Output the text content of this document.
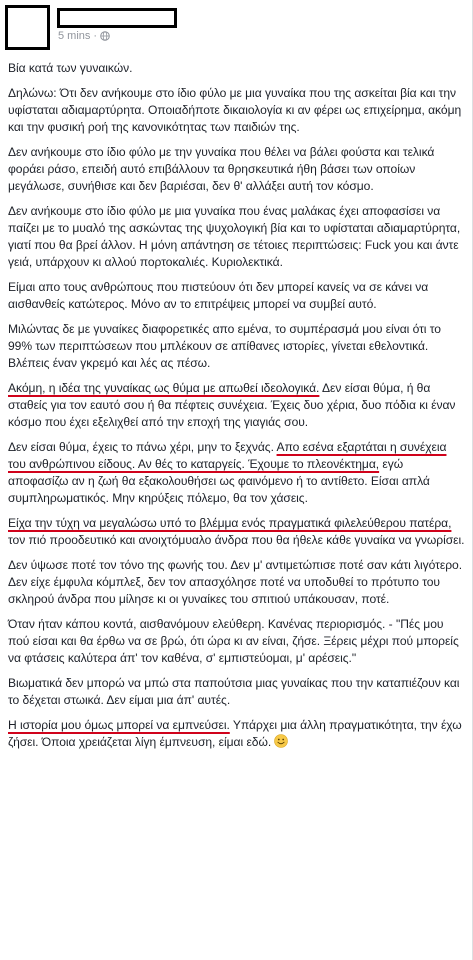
5 mins ·

Βία κατά των γυναικών.

Δηλώνω: Ότι δεν ανήκουμε στο ίδιο φύλο με μια γυναίκα που της ασκείται βία και την υφίσταται αδιαμαρτύρητα. Οποιαδήποτε δικαιολογία κι αν φέρει ως επιχείρημα, ακόμη και την φυσική ροή της κανονικότητας των παιδιών της.

Δεν ανήκουμε στο ίδιο φύλο με την γυναίκα που θέλει να βάλει φούστα και τελικά φοράει ράσο, επειδή αυτό επιβάλλουν τα θρησκευτικά ήθη βάσει των οποίων μεγάλωσε, συνήθισε και δεν βαριέσαι, δεν θ' αλλάξει αυτή τον κόσμο.

Δεν ανήκουμε στο ίδιο φύλο με μια γυναίκα που ένας μαλάκας έχει αποφασίσει να παίζει με το μυαλό της ασκώντας της ψυχολογική βία και το υφίσταται αδιαμαρτύρητα, γιατί που θα βρεί άλλον. Η μόνη απάντηση σε τέτοιες περιπτώσεις: Fuck you και άντε γειά, υπάρχουν κι αλλού πορτοκαλιές. Κυριολεκτικά.

Είμαι απο τους ανθρώπους που πιστεύουν ότι δεν μπορεί κανείς να σε κάνει να αισθανθείς κατώτερος. Μόνο αν το επιτρέψεις μπορεί να συμβεί αυτό.

Μιλώντας δε με γυναίκες διαφορετικές απο εμένα, το συμπέρασμά μου είναι ότι το 99% των περιπτώσεων που μπλέκουν σε απίθανες ιστορίες, γίνεται εθελοντικά. Βλέπεις έναν γκρεμό και λές ας πέσω.

Ακόμη, η ιδέα της γυναίκας ως θύμα με απωθεί ιδεολογικά. Δεν είσαι θύμα, ή θα σταθείς για τον εαυτό σου ή θα πέφτεις συνέχεια. Έχεις δυο χέρια, δυο πόδια κι έναν κόσμο που έχει εξελιχθεί από την εποχή της γιαγιάς σου.

Δεν είσαι θύμα, έχεις το πάνω χέρι, μην το ξεχνάς. Απο εσένα εξαρτάται η συνέχεια του ανθρώπινου είδους. Αν θές το καταργείς. Έχουμε το πλεονέκτημα, εγώ αποφασίζω αν η ζωή θα εξακολουθήσει ως φαινόμενο ή το αντίθετο. Είσαι απλά συμπληρωματικός. Μην κηρύξεις πόλεμο, θα τον χάσεις.

Είχα την τύχη να μεγαλώσω υπό το βλέμμα ενός πραγματικά φιλελεύθερου πατέρα, τον πιό προοδευτικό και ανοιχτόμυαλο άνδρα που θα ήθελε κάθε γυναίκα να γνωρίσει.

Δεν ύψωσε ποτέ τον τόνο της φωνής του. Δεν μ' αντιμετώπισε ποτέ σαν κάτι λιγότερο. Δεν είχε έμφυλα κόμπλεξ, δεν τον απασχόλησε ποτέ να υποδυθεί το πρότυπο του σκληρού άνδρα που μίλησε κι οι γυναίκες του σπιτιού υπάκουσαν, ποτέ.

Όταν ήταν κάπου κοντά, αισθανόμουν ελεύθερη. Κανένας περιορισμός. - "Πές μου πού είσαι και θα έρθω να σε βρώ, ότι ώρα κι αν είναι, ζήσε. Ξέρεις μέχρι πού μπορείς να φτάσεις καλύτερα άπ' τον καθένα, σ' εμπιστεύομαι, μ' αρέσεις."

Βιωματικά δεν μπορώ να μπώ στα παπούτσια μιας γυναίκας που την καταπιέζουν και το δέχεται στωικά. Δεν είμαι μια άπ' αυτές.

Η ιστορία μου όμως μπορεί να εμπνεύσει. Υπάρχει μια άλλη πραγματικότητα, την έχω ζήσει. Όποια χρειάζεται λίγη έμπνευση, είμαι εδώ.
